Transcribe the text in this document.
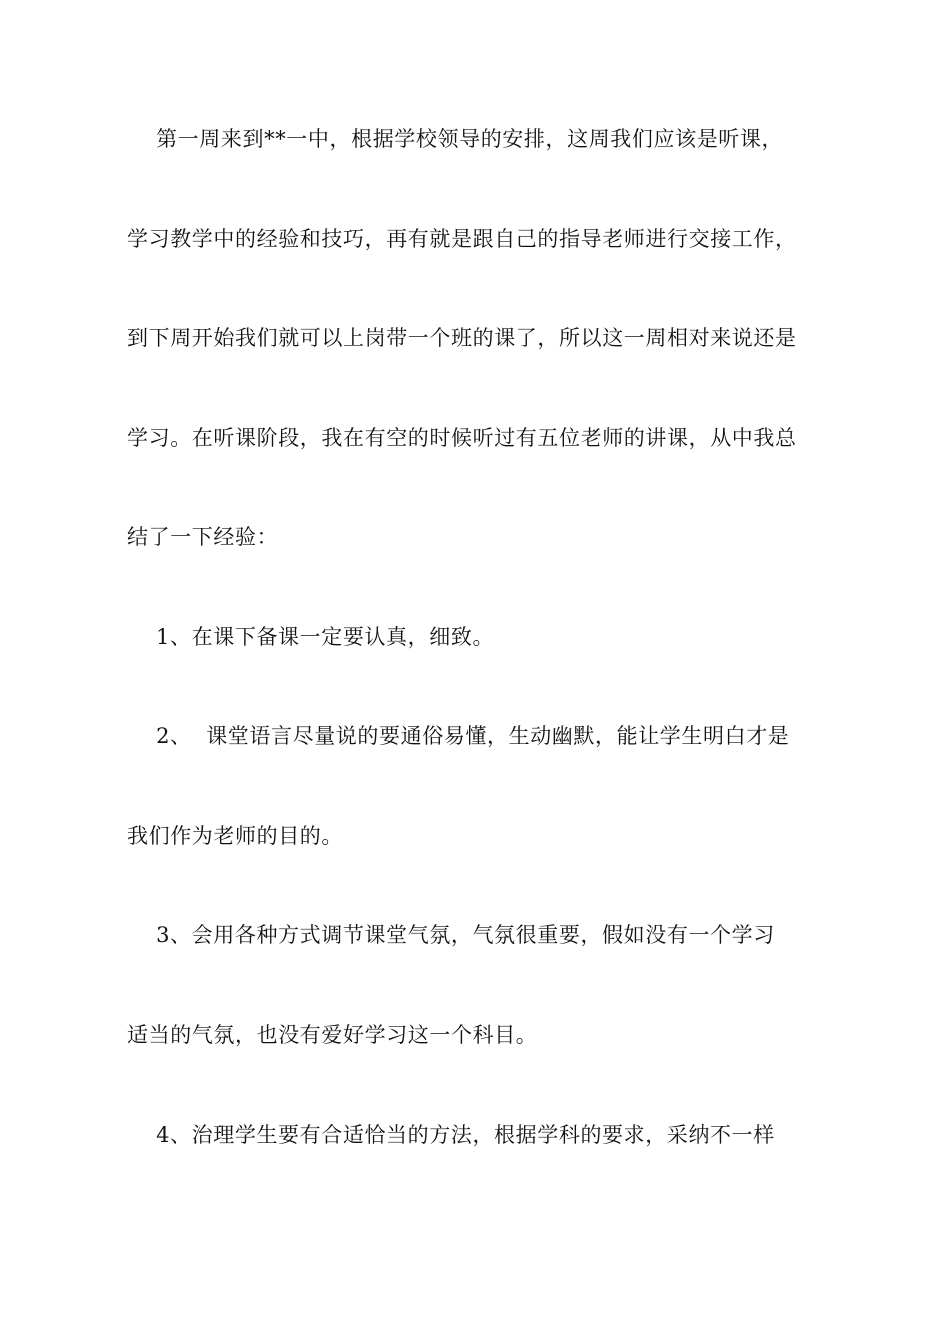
第一周来到**一中，根据学校领导的安排，这周我们应该是听课，
学习教学中的经验和技巧，再有就是跟自己的指导老师进行交接工作，
到下周开始我们就可以上岗带一个班的课了，所以这一周相对来说还是
学习。在听课阶段，我在有空的时候听过有五位老师的讲课，从中我总
结了一下经验：
1、在课下备课一定要认真，细致。
2、  课堂语言尽量说的要通俗易懂，生动幽默，能让学生明白才是
我们作为老师的目的。
3、会用各种方式调节课堂气氛，气氛很重要，假如没有一个学习
适当的气氛，也没有爱好学习这一个科目。
4、治理学生要有合适恰当的方法，根据学科的要求，采纳不一样
